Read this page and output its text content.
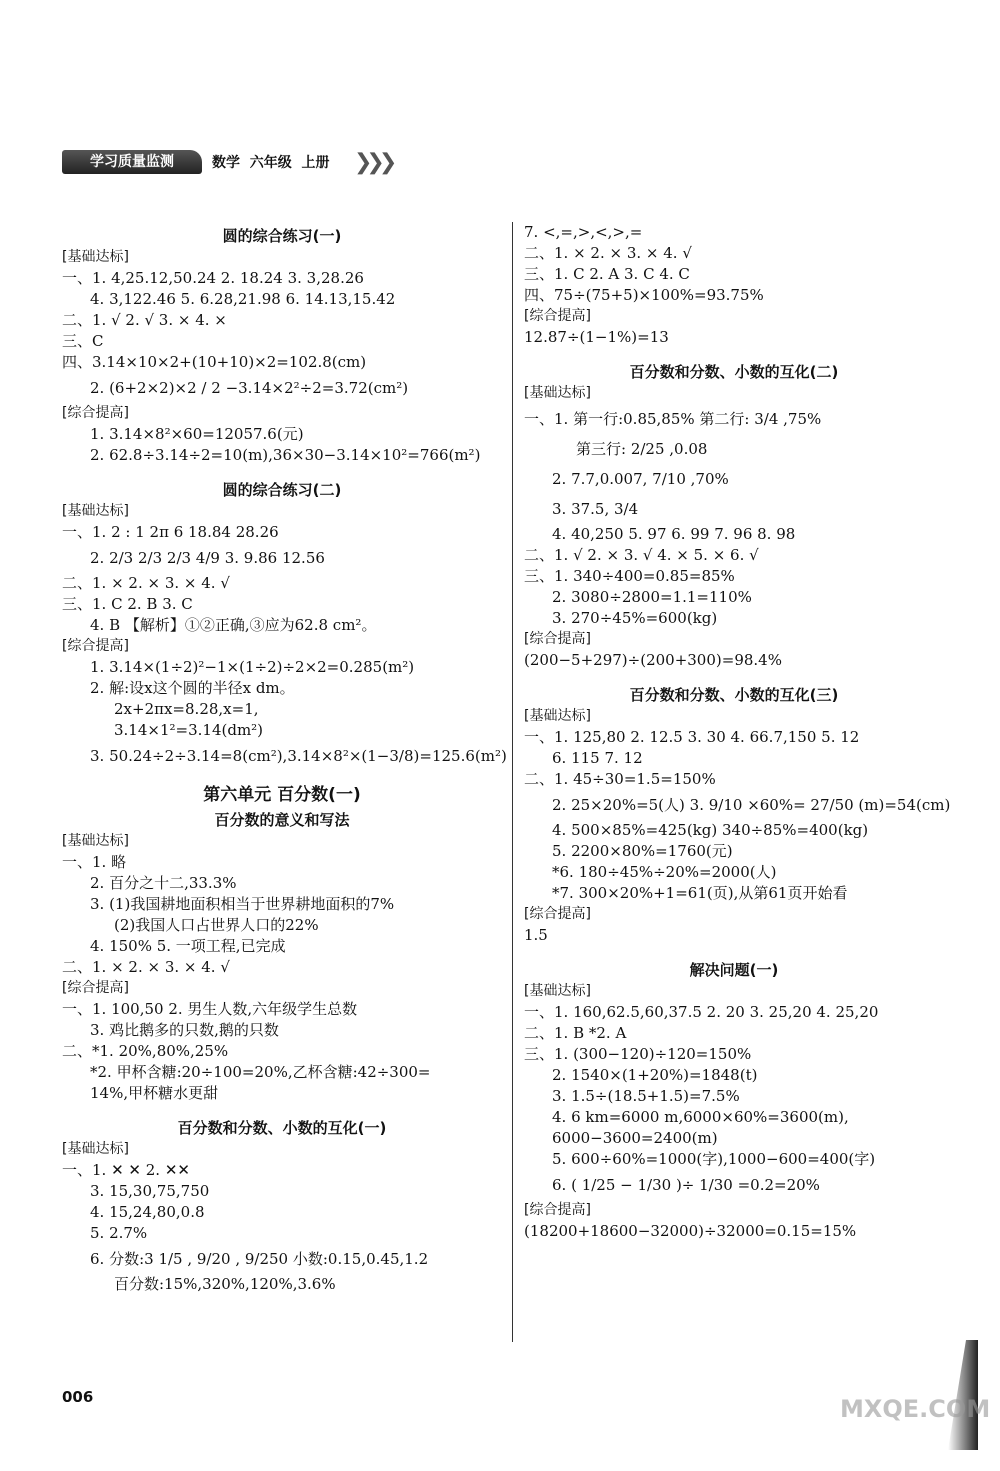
学习质量监测	数学  六年级  上册 ❯❯❯
圆的综合练习(一)
[基础达标]
一、1. 4,25.12,50.24 2. 18.24 3. 3,28.26
4. 3,122.46 5. 6.28,21.98 6. 14.13,15.42
二、1. √ 2. √ 3. × 4. ×
三、C
四、3.14×10×2+(10+10)×2=102.8(cm)
2. (6+2×2)×2 / 2 −3.14×2²÷2=3.72(cm²)
[综合提高]
1. 3.14×8²×60=12057.6(元)
2. 62.8÷3.14÷2=10(m),36×30−3.14×10²=766(m²)
圆的综合练习(二)
[基础达标]
一、1. 2 : 1 2π 6 18.84 28.26
2. 2/3 2/3 2/3 4/9 3. 9.86 12.56
二、1. × 2. × 3. × 4. √
三、1. C 2. B 3. C
4. B 【解析】①②正确,③应为62.8 cm²。
[综合提高]
1. 3.14×(1÷2)²−1×(1÷2)÷2×2=0.285(m²)
2. 解:设x这个圆的半径x dm。
2x+2πx=8.28,x=1,
3.14×1²=3.14(dm²)
3. 50.24÷2÷3.14=8(cm²),3.14×8²×(1−3/8)=125.6(m²)
第六单元 百分数(一)
百分数的意义和写法
[基础达标]
一、1. 略
2. 百分之十二,33.3%
3. (1)我国耕地面积相当于世界耕地面积的7%
(2)我国人口占世界人口的22%
4. 150% 5. 一项工程,已完成
二、1. × 2. × 3. × 4. √
[综合提高]
一、1. 100,50 2. 男生人数,六年级学生总数
3. 鸡比鹅多的只数,鹅的只数
二、*1. 20%,80%,25%
*2. 甲杯含糖:20÷100=20%,乙杯含糖:42÷300=
14%,甲杯糖水更甜
百分数和分数、小数的互化(一)
[基础达标]
一、1. ✕ ✕ 2. ✕✕
3. 15,30,75,750
4. 15,24,80,0.8
5. 2.7%
6. 分数:3 1/5 , 9/20 , 9/250 小数:0.15,0.45,1.2
百分数:15%,320%,120%,3.6%
7. <,=,>,<,>,=
二、1. × 2. × 3. × 4. √
三、1. C 2. A 3. C 4. C
四、75÷(75+5)×100%=93.75%
[综合提高]
12.87÷(1−1%)=13
百分数和分数、小数的互化(二)
[基础达标]
一、1. 第一行:0.85,85% 第二行: 3/4 ,75%
第三行: 2/25 ,0.08
2. 7.7,0.007, 7/10 ,70%
3. 37.5, 3/4
4. 40,250 5. 97 6. 99 7. 96 8. 98
二、1. √ 2. × 3. √ 4. × 5. × 6. √
三、1. 340÷400=0.85=85%
2. 3080÷2800=1.1=110%
3. 270÷45%=600(kg)
[综合提高]
(200−5+297)÷(200+300)=98.4%
百分数和分数、小数的互化(三)
[基础达标]
一、1. 125,80 2. 12.5 3. 30 4. 66.7,150 5. 12
6. 115 7. 12
二、1. 45÷30=1.5=150%
2. 25×20%=5(人) 3. 9/10 ×60%= 27/50 (m)=54(cm)
4. 500×85%=425(kg) 340÷85%=400(kg)
5. 2200×80%=1760(元)
*6. 180÷45%÷20%=2000(人)
*7. 300×20%+1=61(页),从第61页开始看
[综合提高]
1.5
解决问题(一)
[基础达标]
一、1. 160,62.5,60,37.5 2. 20 3. 25,20 4. 25,20
二、1. B *2. A
三、1. (300−120)÷120=150%
2. 1540×(1+20%)=1848(t)
3. 1.5÷(18.5+1.5)=7.5%
4. 6 km=6000 m,6000×60%=3600(m),
6000−3600=2400(m)
5. 600÷60%=1000(字),1000−600=400(字)
6. ( 1/25 − 1/30 )÷ 1/30 =0.2=20%
[综合提高]
(18200+18600−32000)÷32000=0.15=15%
006	MXQE.COM
